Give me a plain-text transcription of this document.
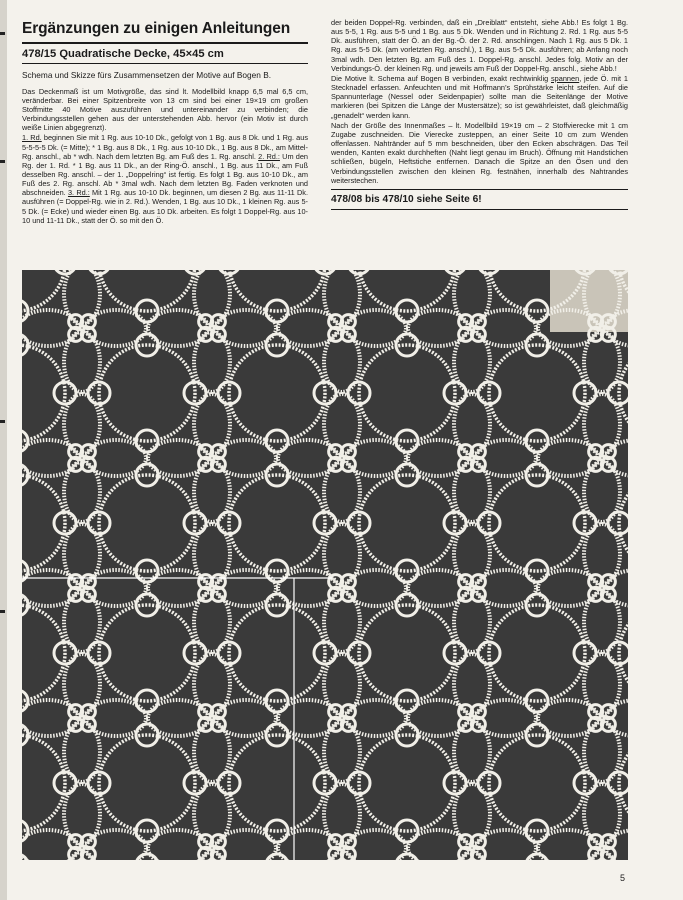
Ergänzungen zu einigen Anleitungen
478/15 Quadratische Decke, 45×45 cm

Schema und Skizze fürs Zusammensetzen der Motive auf Bogen B.

Das Deckenmaß ist um Motivgröße, das sind lt. Modellbild knapp 6,5 mal 6,5 cm, veränderbar. Bei einer Spitzenbreite von 13 cm sind bei einer 19×19 cm großen Stoffmitte 40 Motive auszuführen und untereinander zu verbinden; die Verbindungsstellen gehen aus der unterstehenden Abb. hervor (ein Motiv ist durch weiße Linien abgegrenzt).

1. Rd. beginnen Sie mit 1 Rg. aus 10-10 Dk., gefolgt von 1 Bg. aus 8 Dk. und 1 Rg. aus 5-5-5-5 Dk. (= Mitte); * 1 Bg. aus 8 Dk., 1 Rg. aus 10-10 Dk., 1 Bg. aus 8 Dk., am Mittel-Rg. anschl., ab * wdh. Nach dem letzten Bg. am Fuß des 1. Rg. anschl. 2. Rd.: Um den Rg. der 1. Rd. * 1 Bg. aus 11 Dk., an der Ring-Ö. anschl., 1 Bg. aus 11 Dk., am Fuß desselben Rg. anschl. – der 1. „Doppelring“ ist fertig. Es folgt 1 Bg. aus 10-10 Dk., am Fuß des 2. Rg. anschl. Ab * 3mal wdh. Nach dem letzten Bg. Faden verknoten und abschneiden. 3. Rd.: Mit 1 Rg. aus 10-10 Dk. beginnen, um diesen 2 Bg. aus 11-11 Dk. ausführen (= Doppel-Rg. wie in 2. Rd.). Wenden, 1 Bg. aus 10 Dk., 1 kleinen Rg. aus 5-5 Dk. (= Ecke) und wieder einen Bg. aus 10 Dk. arbeiten. Es folgt 1 Doppel-Rg. aus 10-10 und 11-11 Dk., statt der Ö. so mit den Ö.

der beiden Doppel-Rg. verbinden, daß ein „Dreiblatt“ entsteht, siehe Abb.! Es folgt 1 Bg. aus 5-5, 1 Rg. aus 5-5 und 1 Bg. aus 5 Dk. Wenden und in Richtung 2. Rd. 1 Rg. aus 5-5 Dk. ausführen, statt der Ö. an der Bg.-Ö. der 2. Rd. anschlingen. Nach 1 Rg. aus 5 Dk. 1 Rg. aus 5-5 Dk. (am vorletzten Rg. anschl.), 1 Bg. aus 5-5 Dk. ausführen; ab Anfang noch 3mal wdh. Den letzten Bg. am Fuß des 1. Doppel-Rg. anschl. Jedes folg. Motiv an der Verbindungs-Ö. der kleinen Rg. und jeweils am Fuß der Doppel-Rg. anschl., siehe Abb.!

Die Motive lt. Schema auf Bogen B verbinden, exakt rechtwinklig spannen, jede Ö. mit 1 Stecknadel erfassen. Anfeuchten und mit Hoffmann’s Sprühstärke leicht steifen. Auf die Spannunterlage (Nessel oder Seidenpapier) sollte man die Seitenlänge der Motive markieren (bei Spitzen die Länge der Mustersätze); so ist gewährleistet, daß gleichmäßig „genadelt“ werden kann.

Nach der Größe des Innenmaßes – lt. Modellbild 19×19 cm – 2 Stoffvierecke mit 1 cm Zugabe zuschneiden. Die Vierecke zusteppen, an einer Seite 10 cm zum Wenden offenlassen. Nahtränder auf 5 mm beschneiden, über den Ecken abschrägen. Das Teil wenden, Kanten exakt durchheften (Naht liegt genau im Bruch). Öffnung mit Handstichen schließen, bügeln, Heftstiche entfernen. Danach die Spitze an den Ösen und den Verbindungsstellen zwischen den kleinen Rg. festnähen, innerhalb des Nahtrandes weiterstechen.

478/08 bis 478/10 siehe Seite 6!
5
